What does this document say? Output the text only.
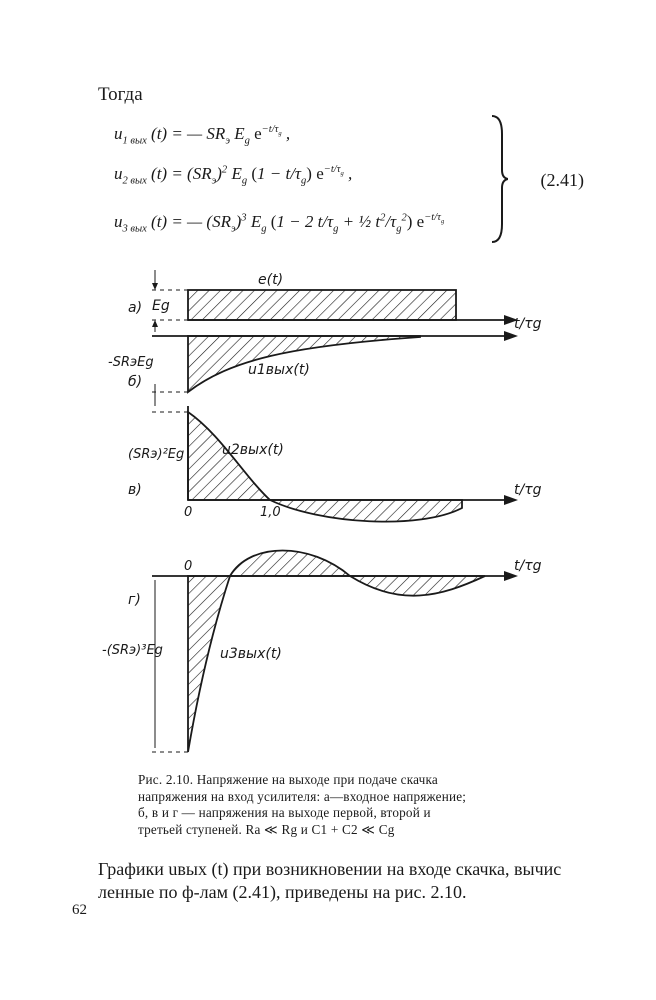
Тогда
$u_{1 вых}$ (t) = — $SR_э$ $E_g$ $e^{-t/\tau_g}$ ,
$u_{2 вых}$ $(t) = (SR_э)^2$ $E_g$ $(1 - t/\tau_g)$ $e^{-t/\tau_g}$ ,
$u_{3 вых}$ (t) = — $(SR_э)^3$ $E_g$ (1 − 2 $t/\tau_g$ + ½ $t^2/\tau_g^2$) $e^{-t/\tau_g}$
(2.41)
e(t)
а) Eg
-SRэEg
б)
u1вых(t)
(SRэ)²Eg
в)
u2вых(t)
0	1,0
t/τg
0
г)
-(SRэ)³Eg	u3вых(t)
t/τg
t/τg
Рис. 2.10. Напряжение на выходе при подаче скачка
напряжения на вход усилителя: а—входное напряжение;
б, в и г — напряжения на выходе первой, второй и
третьей ступеней. Ra ≪ Rg и C1 + C2 ≪ Cg
Графики uвых (t) при возникновении на входе скачка, вычис
ленные по ф-лам (2.41), приведены на рис. 2.10.
62
